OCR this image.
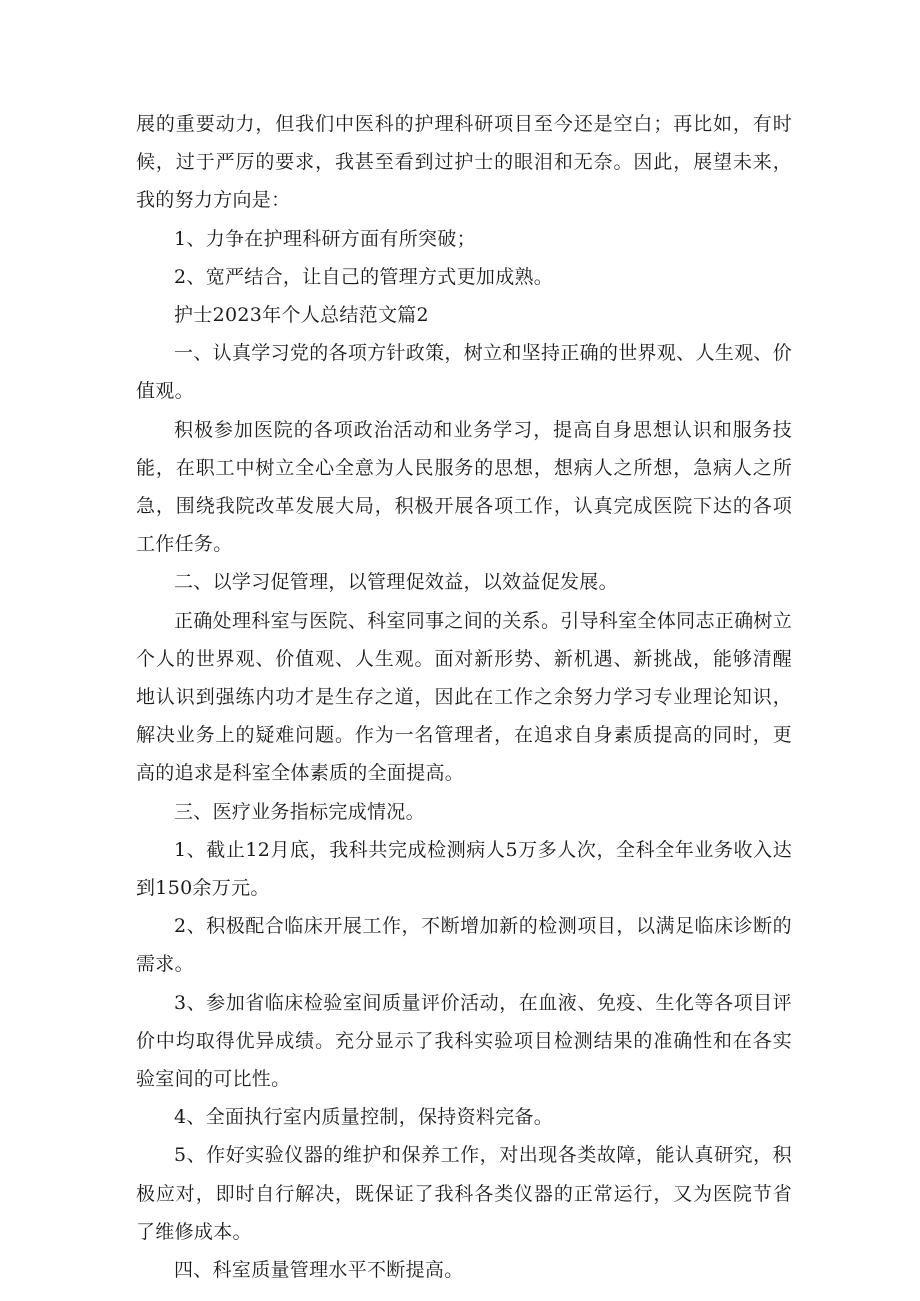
展的重要动力，但我们中医科的护理科研项目至今还是空白；再比如，有时候，过于严厉的要求，我甚至看到过护士的眼泪和无奈。因此，展望未来，我的努力方向是：

1、力争在护理科研方面有所突破；

2、宽严结合，让自己的管理方式更加成熟。

护士2023年个人总结范文篇2

一、认真学习党的各项方针政策，树立和坚持正确的世界观、人生观、价值观。

积极参加医院的各项政治活动和业务学习，提高自身思想认识和服务技能，在职工中树立全心全意为人民服务的思想，想病人之所想，急病人之所急，围绕我院改革发展大局，积极开展各项工作，认真完成医院下达的各项工作任务。

二、以学习促管理，以管理促效益，以效益促发展。

正确处理科室与医院、科室同事之间的关系。引导科室全体同志正确树立个人的世界观、价值观、人生观。面对新形势、新机遇、新挑战，能够清醒地认识到强练内功才是生存之道，因此在工作之余努力学习专业理论知识，解决业务上的疑难问题。作为一名管理者，在追求自身素质提高的同时，更高的追求是科室全体素质的全面提高。

三、医疗业务指标完成情况。

1、截止12月底，我科共完成检测病人5万多人次，全科全年业务收入达到150余万元。

2、积极配合临床开展工作，不断增加新的检测项目，以满足临床诊断的需求。

3、参加省临床检验室间质量评价活动，在血液、免疫、生化等各项目评价中均取得优异成绩。充分显示了我科实验项目检测结果的准确性和在各实验室间的可比性。

4、全面执行室内质量控制，保持资料完备。

5、作好实验仪器的维护和保养工作，对出现各类故障，能认真研究，积极应对，即时自行解决，既保证了我科各类仪器的正常运行，又为医院节省了维修成本。

四、科室质量管理水平不断提高。
